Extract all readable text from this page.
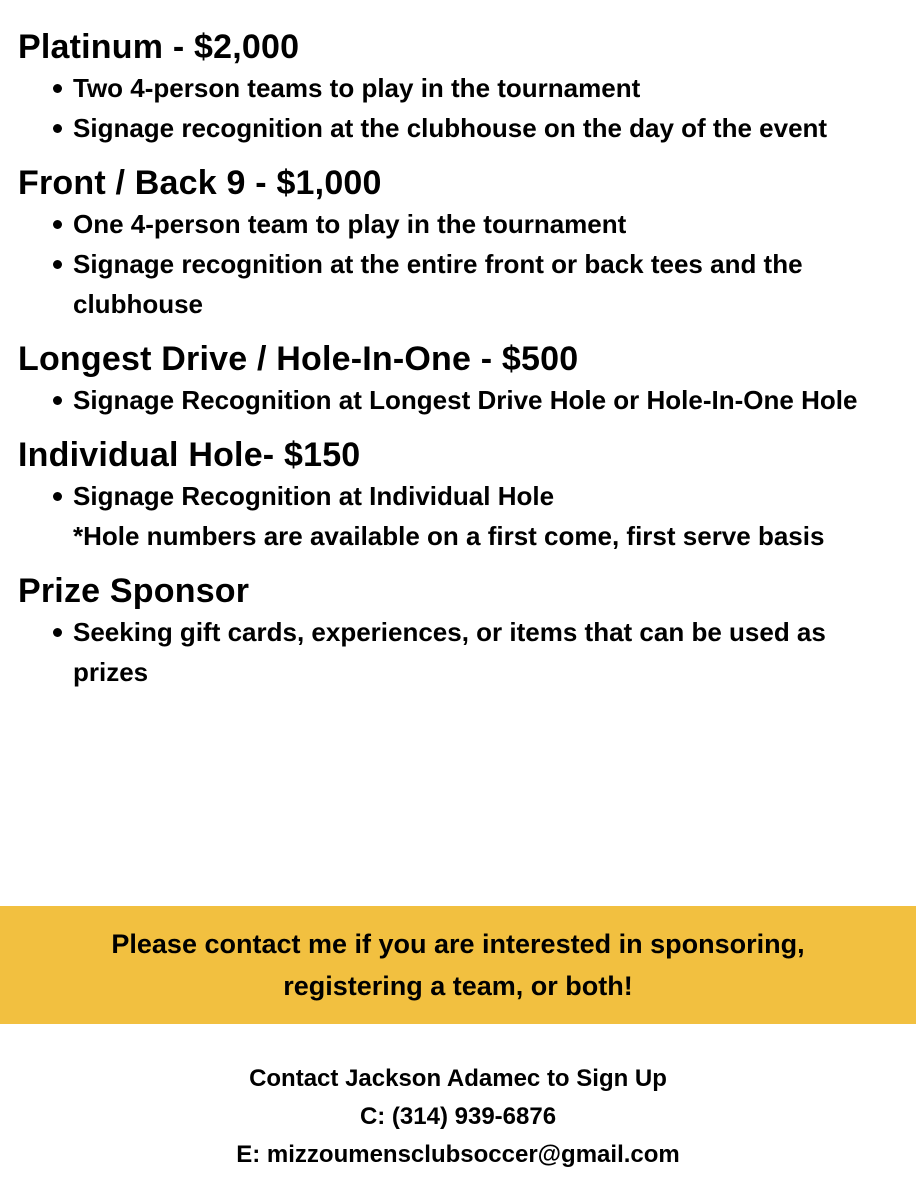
Platinum - $2,000
Two 4-person teams to play in the tournament
Signage recognition at the clubhouse on the day of the event
Front / Back 9 - $1,000
One 4-person team to play in the tournament
Signage recognition at the entire front or back tees and the clubhouse
Longest Drive / Hole-In-One - $500
Signage Recognition at Longest Drive Hole or Hole-In-One Hole
Individual Hole- $150
Signage Recognition at Individual Hole
*Hole numbers are available on a first come, first serve basis
Prize Sponsor
Seeking gift cards, experiences, or items that can be used as prizes

Please contact me if you are interested in sponsoring, registering a team, or both!

Contact Jackson Adamec to Sign Up

C: (314) 939-6876

E: mizzoumensclubsoccer@gmail.com
